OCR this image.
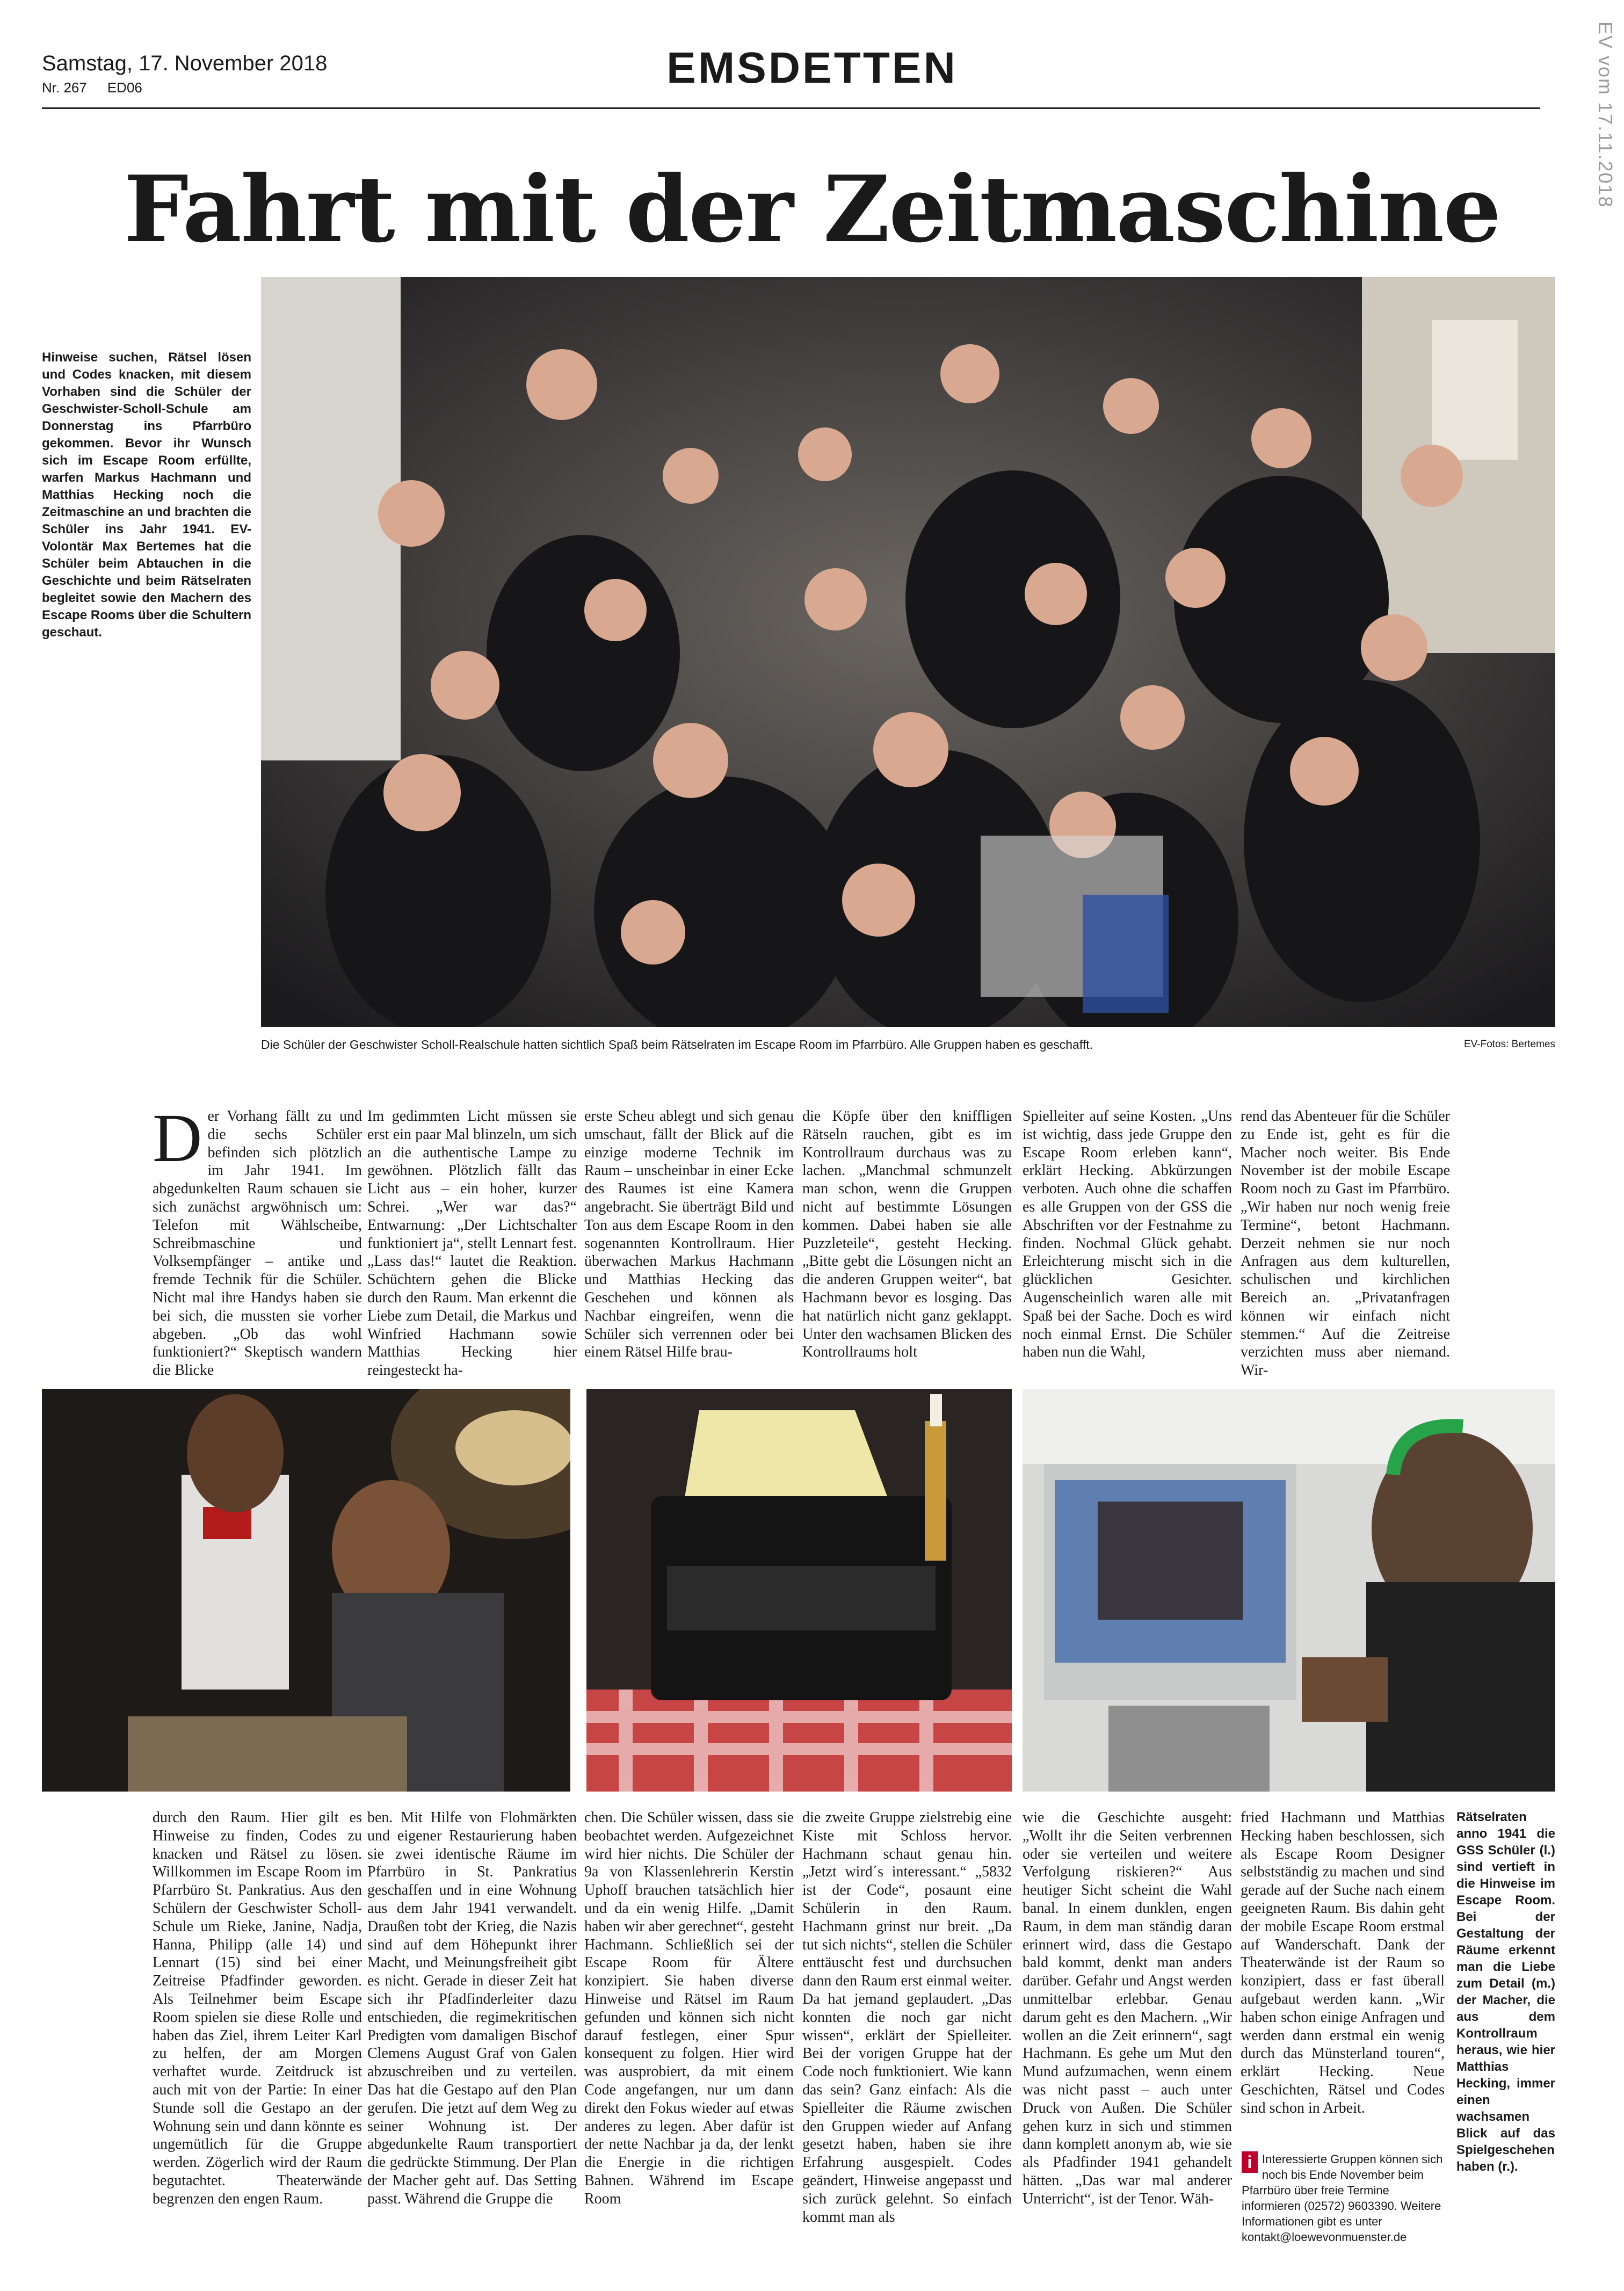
Samstag, 17. November 2018
Nr. 267 ED06	EMSDETTEN	EV vom 17.11.2018
Fahrt mit der Zeitmaschine
Hinweise suchen, Rätsel lösen und Codes knacken, mit diesem Vorhaben sind die Schüler der Geschwister-Scholl-Schule am Donnerstag ins Pfarrbüro gekommen. Bevor ihr Wunsch sich im Escape Room erfüllte, warfen Markus Hachmann und Matthias Hecking noch die Zeitmaschine an und brachten die Schüler ins Jahr 1941. EV-Volontär Max Bertemes hat die Schüler beim Abtauchen in die Geschichte und beim Rätselraten begleitet sowie den Machern des Escape Rooms über die Schultern geschaut.
Die Schüler der Geschwister Scholl-Realschule hatten sichtlich Spaß beim Rätselraten im Escape Room im Pfarrbüro. Alle Gruppen haben es geschafft.	EV-Fotos: Bertemes

Der Vorhang fällt zu und die sechs Schüler befinden sich plötzlich im Jahr 1941. Im abgedunkelten Raum schauen sie sich zunächst argwöhnisch um: Telefon mit Wählscheibe, Schreibmaschine und Volksempfänger – antike und fremde Technik für die Schüler. Nicht mal ihre Handys haben sie bei sich, die mussten sie vorher abgeben. „Ob das wohl funktioniert?“ Skeptisch wandern die Blicke

Im gedimmten Licht müssen sie erst ein paar Mal blinzeln, um sich an die authentische Lampe zu gewöhnen. Plötzlich fällt das Licht aus – ein hoher, kurzer Schrei. „Wer war das?“ Entwarnung: „Der Lichtschalter funktioniert ja“, stellt Lennart fest. „Lass das!“ lautet die Reaktion. Schüchtern gehen die Blicke durch den Raum. Man erkennt die Liebe zum Detail, die Markus und Winfried Hachmann sowie Matthias Hecking hier reingesteckt ha-

erste Scheu ablegt und sich genau umschaut, fällt der Blick auf die einzige moderne Technik im Raum – unscheinbar in einer Ecke des Raumes ist eine Kamera angebracht. Sie überträgt Bild und Ton aus dem Escape Room in den sogenannten Kontrollraum. Hier überwachen Markus Hachmann und Matthias Hecking das Geschehen und können als Nachbar eingreifen, wenn die Schüler sich verrennen oder bei einem Rätsel Hilfe brau-

die Köpfe über den kniffligen Rätseln rauchen, gibt es im Kontrollraum durchaus was zu lachen. „Manchmal schmunzelt man schon, wenn die Gruppen nicht auf bestimmte Lösungen kommen. Dabei haben sie alle Puzzleteile“, gesteht Hecking. „Bitte gebt die Lösungen nicht an die anderen Gruppen weiter“, bat Hachmann bevor es losging. Das hat natürlich nicht ganz geklappt. Unter den wachsamen Blicken des Kontrollraums holt

Spielleiter auf seine Kosten. „Uns ist wichtig, dass jede Gruppe den Escape Room erleben kann“, erklärt Hecking. Abkürzungen verboten. Auch ohne die schaffen es alle Gruppen von der GSS die Abschriften vor der Festnahme zu finden. Nochmal Glück gehabt. Erleichterung mischt sich in die glücklichen Gesichter. Augenscheinlich waren alle mit Spaß bei der Sache. Doch es wird noch einmal Ernst. Die Schüler haben nun die Wahl,

rend das Abenteuer für die Schüler zu Ende ist, geht es für die Macher noch weiter. Bis Ende November ist der mobile Escape Room noch zu Gast im Pfarrbüro. „Wir haben nur noch wenig freie Termine“, betont Hachmann. Derzeit nehmen sie nur noch Anfragen aus dem kulturellen, schulischen und kirchlichen Bereich an. „Privatanfragen können wir einfach nicht stemmen.“ Auf die Zeitreise verzichten muss aber niemand. Wir-

durch den Raum. Hier gilt es Hinweise zu finden, Codes zu knacken und Rätsel zu lösen. Willkommen im Escape Room im Pfarrbüro St. Pankratius. Aus den Schülern der Geschwister Scholl-Schule um Rieke, Janine, Nadja, Hanna, Philipp (alle 14) und Lennart (15) sind bei einer Zeitreise Pfadfinder geworden. Als Teilnehmer beim Escape Room spielen sie diese Rolle und haben das Ziel, ihrem Leiter Karl zu helfen, der am Morgen verhaftet wurde. Zeitdruck ist auch mit von der Partie: In einer Stunde soll die Gestapo an der Wohnung sein und dann könnte es ungemütlich für die Gruppe werden. Zögerlich wird der Raum begutachtet. Theaterwände begrenzen den engen Raum.

ben. Mit Hilfe von Flohmärkten und eigener Restaurierung haben sie zwei identische Räume im Pfarrbüro in St. Pankratius geschaffen und in eine Wohnung aus dem Jahr 1941 verwandelt. Draußen tobt der Krieg, die Nazis sind auf dem Höhepunkt ihrer Macht, und Meinungsfreiheit gibt es nicht. Gerade in dieser Zeit hat sich ihr Pfadfinderleiter dazu entschieden, die regimekritischen Predigten vom damaligen Bischof Clemens August Graf von Galen abzuschreiben und zu verteilen. Das hat die Gestapo auf den Plan gerufen. Die jetzt auf dem Weg zu seiner Wohnung ist. Der abgedunkelte Raum transportiert die gedrückte Stimmung. Der Plan der Macher geht auf. Das Setting passt. Während die Gruppe die

chen. Die Schüler wissen, dass sie beobachtet werden. Aufgezeichnet wird hier nichts. Die Schüler der 9a von Klassenlehrerin Kerstin Uphoff brauchen tatsächlich hier und da ein wenig Hilfe. „Damit haben wir aber gerechnet“, gesteht Hachmann. Schließlich sei der Escape Room für Ältere konzipiert. Sie haben diverse Hinweise und Rätsel im Raum gefunden und können sich nicht darauf festlegen, einer Spur konsequent zu folgen. Hier wird was ausprobiert, da mit einem Code angefangen, nur um dann direkt den Fokus wieder auf etwas anderes zu legen. Aber dafür ist der nette Nachbar ja da, der lenkt die Energie in die richtigen Bahnen. Während im Escape Room

die zweite Gruppe zielstrebig eine Kiste mit Schloss hervor. Hachmann schaut genau hin. „Jetzt wird´s interessant.“ „5832 ist der Code“, posaunt eine Schülerin in den Raum. Hachmann grinst nur breit. „Da tut sich nichts“, stellen die Schüler enttäuscht fest und durchsuchen dann den Raum erst einmal weiter. Da hat jemand geplaudert. „Das konnten die noch gar nicht wissen“, erklärt der Spielleiter. Bei der vorigen Gruppe hat der Code noch funktioniert. Wie kann das sein? Ganz einfach: Als die Spielleiter die Räume zwischen den Gruppen wieder auf Anfang gesetzt haben, haben sie ihre Erfahrung ausgespielt. Codes geändert, Hinweise angepasst und sich zurück gelehnt. So einfach kommt man als

wie die Geschichte ausgeht: „Wollt ihr die Seiten verbrennen oder sie verteilen und weitere Verfolgung riskieren?“ Aus heutiger Sicht scheint die Wahl banal. In einem dunklen, engen Raum, in dem man ständig daran erinnert wird, dass die Gestapo bald kommt, denkt man anders darüber. Gefahr und Angst werden unmittelbar erlebbar. Genau darum geht es den Machern. „Wir wollen an die Zeit erinnern“, sagt Hachmann. Es gehe um Mut den Mund aufzumachen, wenn einem was nicht passt – auch unter Druck von Außen. Die Schüler gehen kurz in sich und stimmen dann komplett anonym ab, wie sie als Pfadfinder 1941 gehandelt hätten. „Das war mal anderer Unterricht“, ist der Tenor. Wäh-

fried Hachmann und Matthias Hecking haben beschlossen, sich als Escape Room Designer selbstständig zu machen und sind gerade auf der Suche nach einem geeigneten Raum. Bis dahin geht der mobile Escape Room erstmal auf Wanderschaft. Dank der Theaterwände ist der Raum so konzipiert, dass er fast überall aufgebaut werden kann. „Wir haben schon einige Anfragen und werden dann erstmal ein wenig durch das Münsterland touren“, erklärt Hecking. Neue Geschichten, Rätsel und Codes sind schon in Arbeit.

i Interessierte Gruppen können sich noch bis Ende November beim Pfarrbüro über freie Termine informieren (02572) 9603390. Weitere Informationen gibt es unter kontakt@loewevonmuenster.de
Rätselraten anno 1941 die GSS Schüler (l.) sind vertieft in die Hinweise im Escape Room. Bei der Gestaltung der Räume erkennt man die Liebe zum Detail (m.) der Macher, die aus dem Kontrollraum heraus, wie hier Matthias Hecking, immer einen wachsamen Blick auf das Spielgeschehen haben (r.).
